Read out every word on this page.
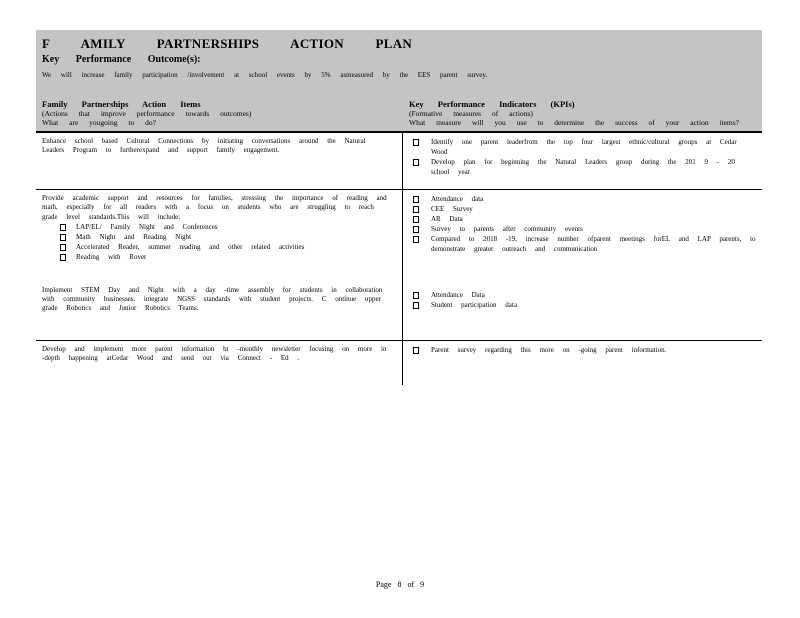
F AMILY PARTNERSHIPS ACTION PLAN
Key Performance Outcome(s):
We will increase family participation /involvement at school events by 5% asmeasured by the EES parent survey.
Family Partnerships Action Items
(Actions that improve performance towards outcomes)
What are yougoing to do?
Key Performance Indicators (KPIs)
(Formative measures of actions)
What measure will you use to determine the success of your action items?

Enhance school based Cultural Connections by initiating conversations around the Natural Leaders Program to furtherexpand and support family engagement.

Identify one parent leaderfrom the top four largest ethnic/cultural groups at Cedar Wood
Develop plan for beginning the Natural Leaders group during the 201 9 - 20 school year

Provide academic support and resources for families, stressing the importance of reading and math, especially for all readers with a focus on students who are struggling to reach grade level standards.This will include:

LAP/EL/ Family Night and Conferences
Math Night and Reading Night
Accelerated Reader, summer reading and other related activities
Reading with Rover

Implement STEM Day and Night with a day -time assembly for students in collaboration with community businesses, integrate NGSS standards with student projects. C ontinue upper grade Robotics and Junior Robotics Teams.

Attendance data
CEE Survey
AR Data
Survey to parents after community events
Compared to 2018 -19, increase number ofparent meetings forEL and LAP parents, to demonstrate greater outreach and communication
Attendance Data
Student participation data

Develop and implement more parent information bi -monthly newsletter focusing on more in -depth happening atCedar Wood and send out via Connect - Ed .

Parent survey regarding this more on -going parent information.
Page 8 of 9
